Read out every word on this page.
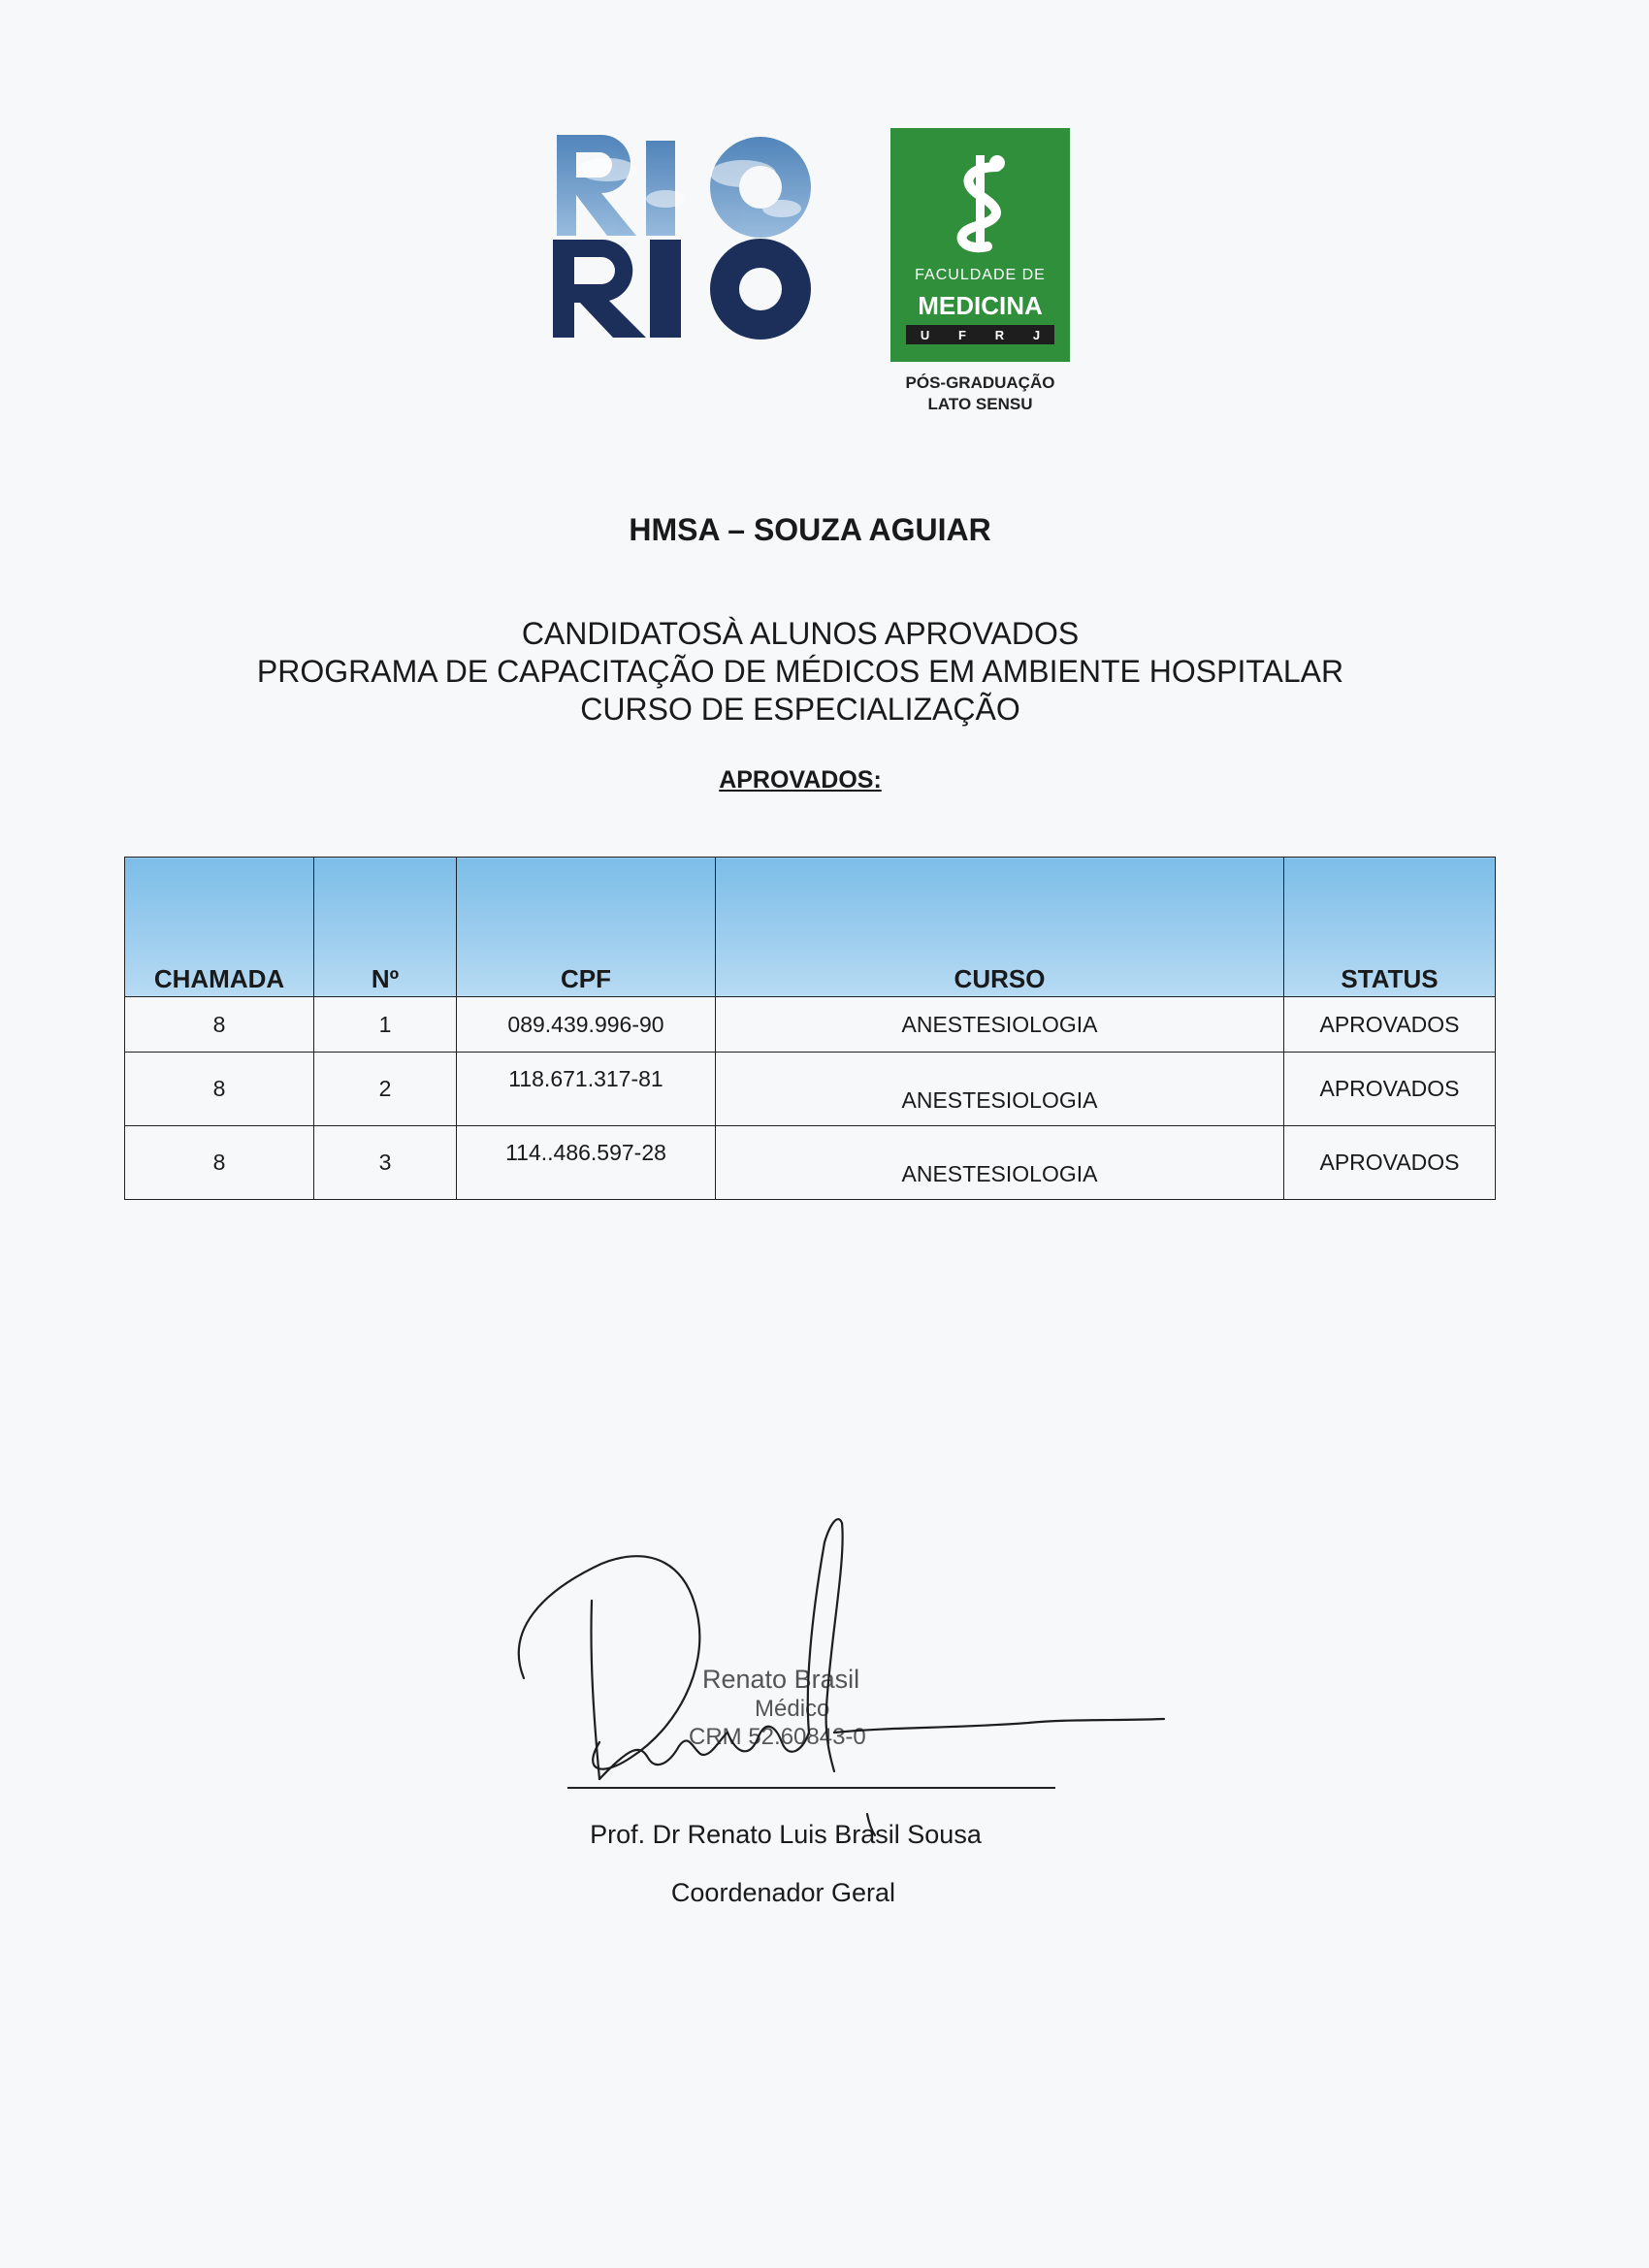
FACULDADE DE
MEDICINA
U F R J
PÓS-GRADUAÇÃO
LATO SENSU
HMSA – SOUZA AGUIAR
CANDIDATOSÀ ALUNOS APROVADOS
PROGRAMA DE CAPACITAÇÃO DE MÉDICOS EM AMBIENTE HOSPITALAR
CURSO DE ESPECIALIZAÇÃO
APROVADOS:
CHAMADA	Nº	CPF	CURSO	STATUS
8	1	089.439.996-90	ANESTESIOLOGIA	APROVADOS
8	2	118.671.317-81	ANESTESIOLOGIA	APROVADOS
8	3	114..486.597-28	ANESTESIOLOGIA	APROVADOS
Renato Brasil
Médico
CRM 52.60843-0
Prof. Dr Renato Luis Brasil Sousa
Coordenador Geral
